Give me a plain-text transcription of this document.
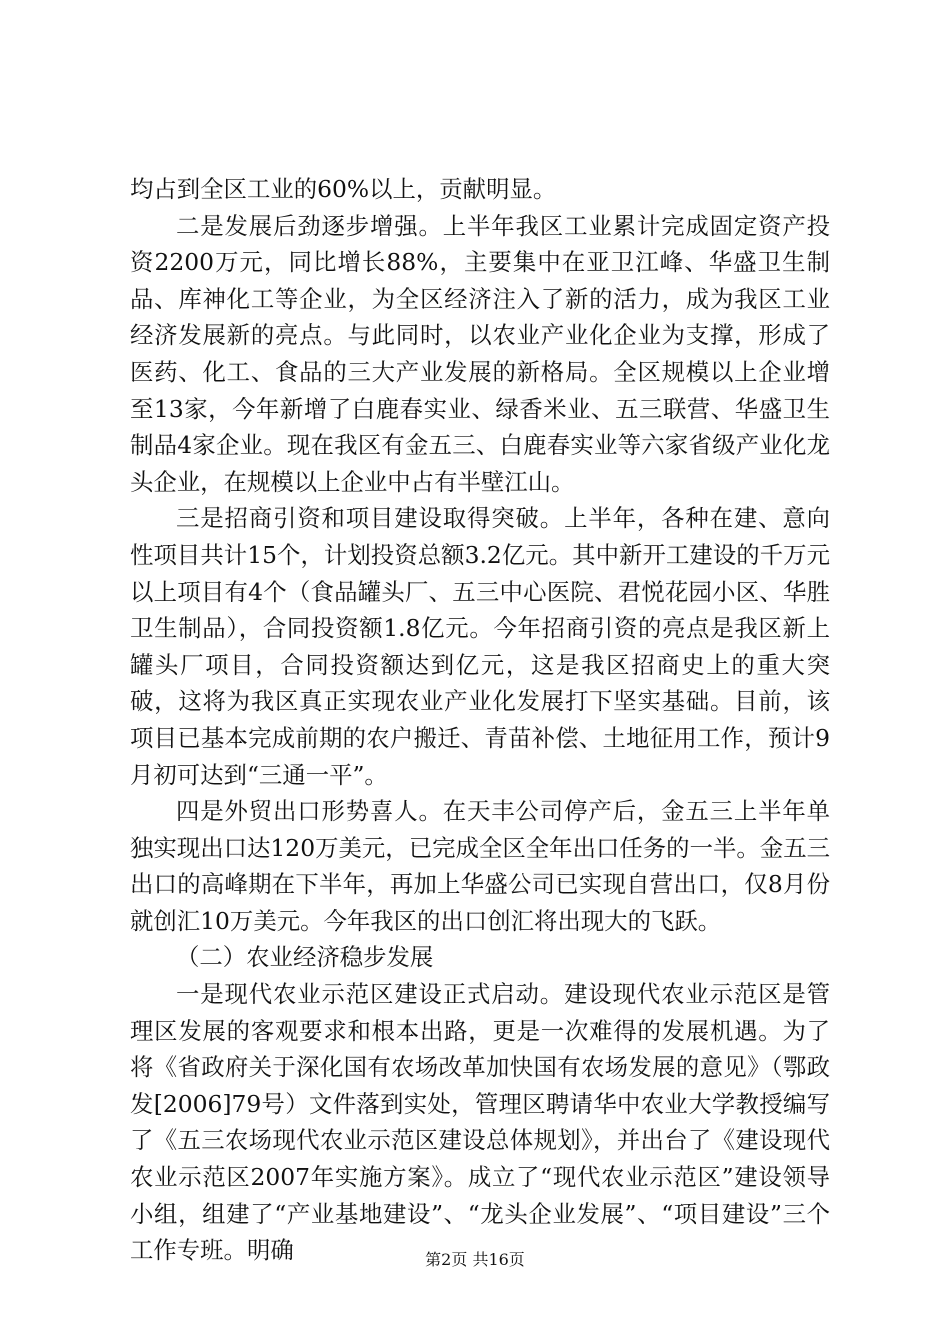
均占到全区工业的60%以上，贡献明显。

二是发展后劲逐步增强。上半年我区工业累计完成固定资产投资2200万元，同比增长88%，主要集中在亚卫江峰、华盛卫生制品、库神化工等企业，为全区经济注入了新的活力，成为我区工业经济发展新的亮点。与此同时，以农业产业化企业为支撑，形成了医药、化工、食品的三大产业发展的新格局。全区规模以上企业增至13家，今年新增了白鹿春实业、绿香米业、五三联营、华盛卫生制品4家企业。现在我区有金五三、白鹿春实业等六家省级产业化龙头企业，在规模以上企业中占有半壁江山。

三是招商引资和项目建设取得突破。上半年，各种在建、意向性项目共计15个，计划投资总额3.2亿元。其中新开工建设的千万元以上项目有4个（食品罐头厂、五三中心医院、君悦花园小区、华胜卫生制品），合同投资额1.8亿元。今年招商引资的亮点是我区新上罐头厂项目，合同投资额达到亿元，这是我区招商史上的重大突破，这将为我区真正实现农业产业化发展打下坚实基础。目前，该项目已基本完成前期的农户搬迁、青苗补偿、土地征用工作，预计9月初可达到“三通一平”。

四是外贸出口形势喜人。在天丰公司停产后，金五三上半年单独实现出口达120万美元，已完成全区全年出口任务的一半。金五三出口的高峰期在下半年，再加上华盛公司已实现自营出口，仅8月份就创汇10万美元。今年我区的出口创汇将出现大的飞跃。

（二）农业经济稳步发展

一是现代农业示范区建设正式启动。建设现代农业示范区是管理区发展的客观要求和根本出路，更是一次难得的发展机遇。为了将《省政府关于深化国有农场改革加快国有农场发展的意见》（鄂政发[2006]79号）文件落到实处，管理区聘请华中农业大学教授编写了《五三农场现代农业示范区建设总体规划》，并出台了《建设现代农业示范区2007年实施方案》。成立了“现代农业示范区”建设领导小组，组建了“产业基地建设”、“龙头企业发展”、“项目建设”三个工作专班。明确	第2页 共16页
